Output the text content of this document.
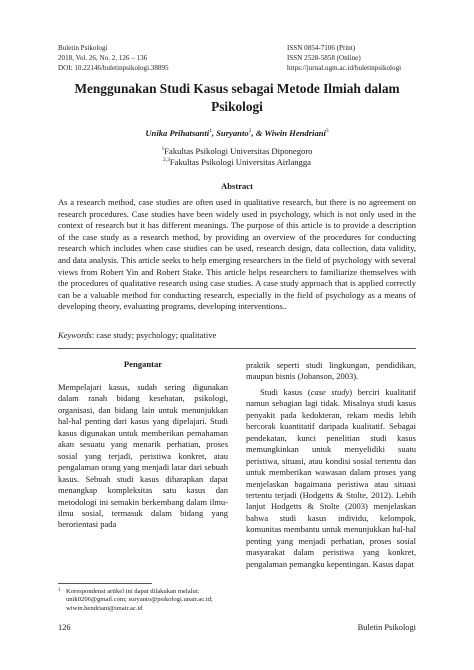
Buletin Psikologi
2018, Vol. 26, No. 2, 126 – 136
DOI: 10.22146/buletinpsikologi.38895
ISSN 0854-7106 (Print)
ISSN 2528-5858 (Online)
https://jurnal.ugm.ac.id/buletinpsikologi
Menggunakan Studi Kasus sebagai Metode Ilmiah dalam Psikologi
Unika Prihatsanti$^1$, Suryanto$^2$, & Wiwin Hendriani$^3$
$^1$Fakultas Psikologi Universitas Diponegoro
$^{2,3}$Fakultas Psikologi Universitas Airlangga
Abstract
As a research method, case studies are often used in qualitative research, but there is no agreement on research procedures. Case studies have been widely used in psychology, which is not only used in the context of research but it has different meanings. The purpose of this article is to provide a description of the case study as a research method, by providing an overview of the procedures for conducting research which includes when case studies can be used, research design, data collection, data validity, and data analysis. This article seeks to help emerging researchers in the field of psychology with several views from Robert Yin and Robert Stake. This article helps researchers to familiarize themselves with the procedures of qualitative research using case studies. A case study approach that is applied correctly can be a valuable method for conducting research, especially in the field of psychology as a means of developing theory, evaluating programs, developing interventions..
Keywords: case study; psychology; qualitative
Pengantar

Mempelajari kasus, sudah sering digunakan dalam ranah bidang kesehatan, psikologi, organisasi, dan bidang lain untuk menunjukkan hal-hal penting dari kasus yang dipelajari. Studi kasus digunakan untuk memberikan pemahaman akan sesuatu yang menarik perhatian, proses sosial yang terjadi, peristiwa konkret, atau pengalaman orang yang menjadi latar dari sebuah kasus. Sebuah studi kasus diharapkan dapat menangkap kompleksitas satu kasus dan metodologi ini semakin berkembang dalam ilmu-ilmu sosial, termasuk dalam bidang yang berorientasi pada

praktik seperti studi lingkungan, pendidikan, maupun bisnis (Johanson, 2003).

Studi kasus (case study) berciri kualitatif namun sebagian lagi tidak. Misalnya studi kasus penyakit pada kedokteran, rekam medis lebih bercorak kuantitatif daripada kualitatif. Sebagai pendekatan, kunci penelitian studi kasus memungkinkan untuk menyelidiki suatu peristiwa, situasi, atau kondisi sosial tertentu dan untuk memberikan wawasan dalam proses yang menjelaskan bagaimana peristiwa atau situasi tertentu terjadi (Hodgetts & Stolte, 2012). Lebih lanjut Hodgetts & Stolte (2003) menjelaskan bahwa studi kasus individu, kelompok, komunitas membantu untuk menunjukkan hal-hal penting yang menjadi perhatian, proses sosial masyarakat dalam peristiwa yang konkret, pengalaman pemangku kepentingan. Kasus dapat

1 Korespondensi artikel ini dapat dilakukan melalui: unik0206@gmail.com; suryanto@psikologi.unair.ac.id; wiwin.hendriani@unair.ac.id
126	Buletin Psikologi
